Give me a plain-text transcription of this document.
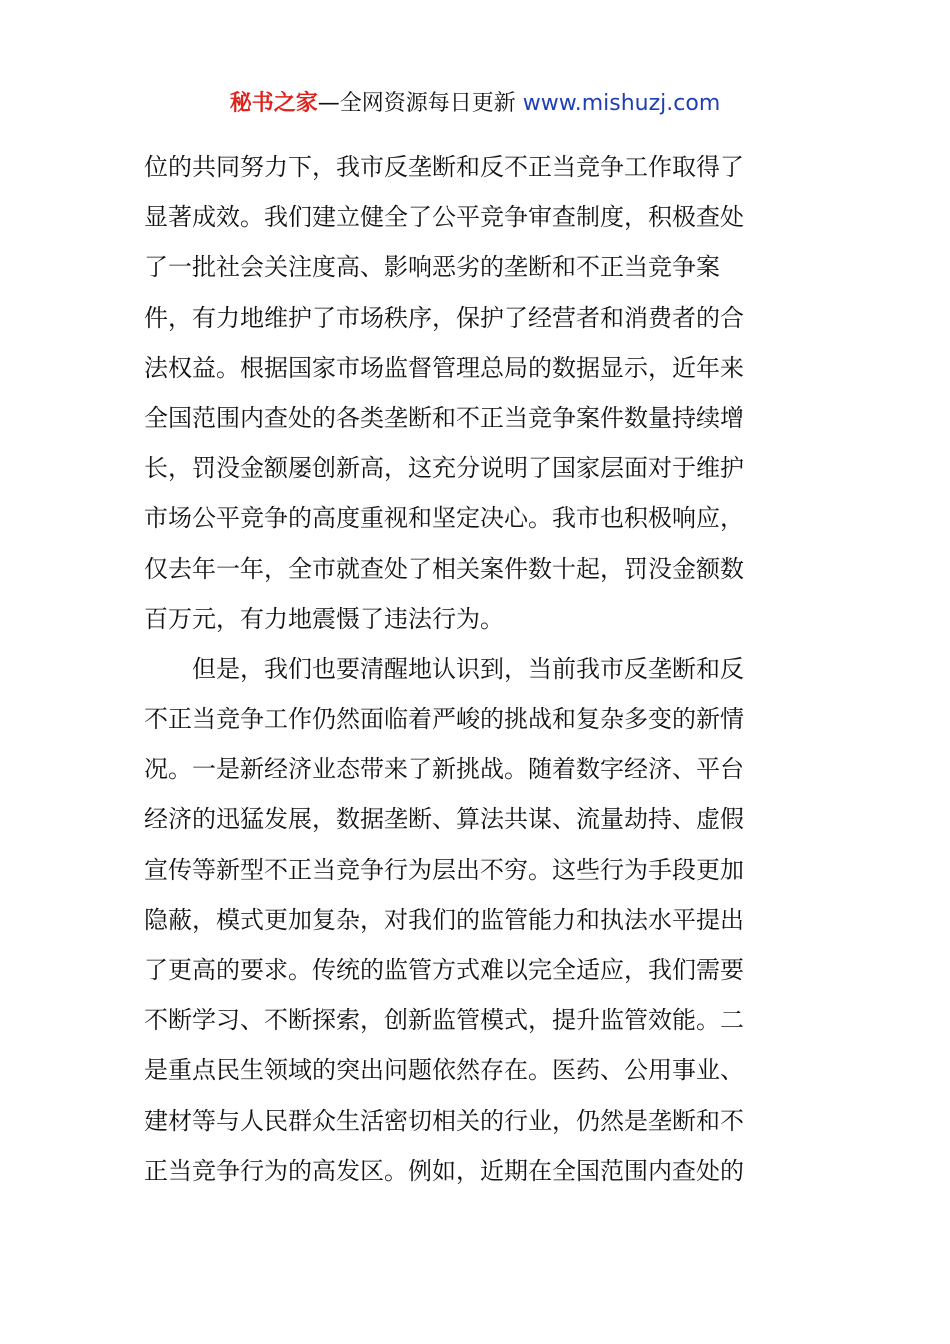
秘书之家—全网资源每日更新 www.mishuzj.com
位的共同努力下，我市反垄断和反不正当竞争工作取得了
显著成效。我们建立健全了公平竞争审查制度，积极查处
了一批社会关注度高、影响恶劣的垄断和不正当竞争案
件，有力地维护了市场秩序，保护了经营者和消费者的合
法权益。根据国家市场监督管理总局的数据显示，近年来
全国范围内查处的各类垄断和不正当竞争案件数量持续增
长，罚没金额屡创新高，这充分说明了国家层面对于维护
市场公平竞争的高度重视和坚定决心。我市也积极响应，
仅去年一年，全市就查处了相关案件数十起，罚没金额数
百万元，有力地震慑了违法行为。
　　但是，我们也要清醒地认识到，当前我市反垄断和反
不正当竞争工作仍然面临着严峻的挑战和复杂多变的新情
况。一是新经济业态带来了新挑战。随着数字经济、平台
经济的迅猛发展，数据垄断、算法共谋、流量劫持、虚假
宣传等新型不正当竞争行为层出不穷。这些行为手段更加
隐蔽，模式更加复杂，对我们的监管能力和执法水平提出
了更高的要求。传统的监管方式难以完全适应，我们需要
不断学习、不断探索，创新监管模式，提升监管效能。二
是重点民生领域的突出问题依然存在。医药、公用事业、
建材等与人民群众生活密切相关的行业，仍然是垄断和不
正当竞争行为的高发区。例如，近期在全国范围内查处的
